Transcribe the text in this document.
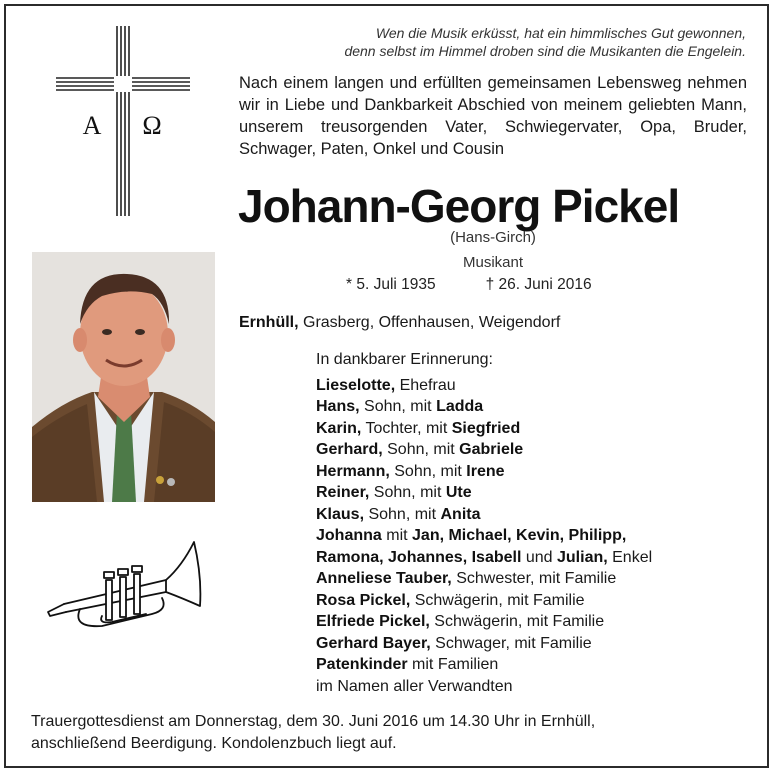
Α Ω
Wen die Musik erküsst, hat ein himmlisches Gut gewonnen,
denn selbst im Himmel droben sind die Musikanten die Engelein.
Nach einem langen und erfüllten gemeinsamen Lebensweg nehmen wir in Liebe und Dankbarkeit Abschied von meinem geliebten Mann, unserem treusorgenden Vater, Schwiegervater, Opa, Bruder, Schwager, Paten, Onkel und Cousin
Johann-Georg Pickel
(Hans-Girch)
Musikant
* 5. Juli 1935	† 26. Juni 2016
Ernhüll, Grasberg, Offenhausen, Weigendorf
In dankbarer Erinnerung:
Lieselotte, Ehefrau
Hans, Sohn, mit Ladda
Karin, Tochter, mit Siegfried
Gerhard, Sohn, mit Gabriele
Hermann, Sohn, mit Irene
Reiner, Sohn, mit Ute
Klaus, Sohn, mit Anita
Johanna mit Jan, Michael, Kevin, Philipp,
Ramona, Johannes, Isabell und Julian, Enkel
Anneliese Tauber, Schwester, mit Familie
Rosa Pickel, Schwägerin, mit Familie
Elfriede Pickel, Schwägerin, mit Familie
Gerhard Bayer, Schwager, mit Familie
Patenkinder mit Familien
im Namen aller Verwandten
Trauergottesdienst am Donnerstag, dem 30. Juni 2016 um 14.30 Uhr in Ernhüll,
anschließend Beerdigung. Kondolenzbuch liegt auf.
